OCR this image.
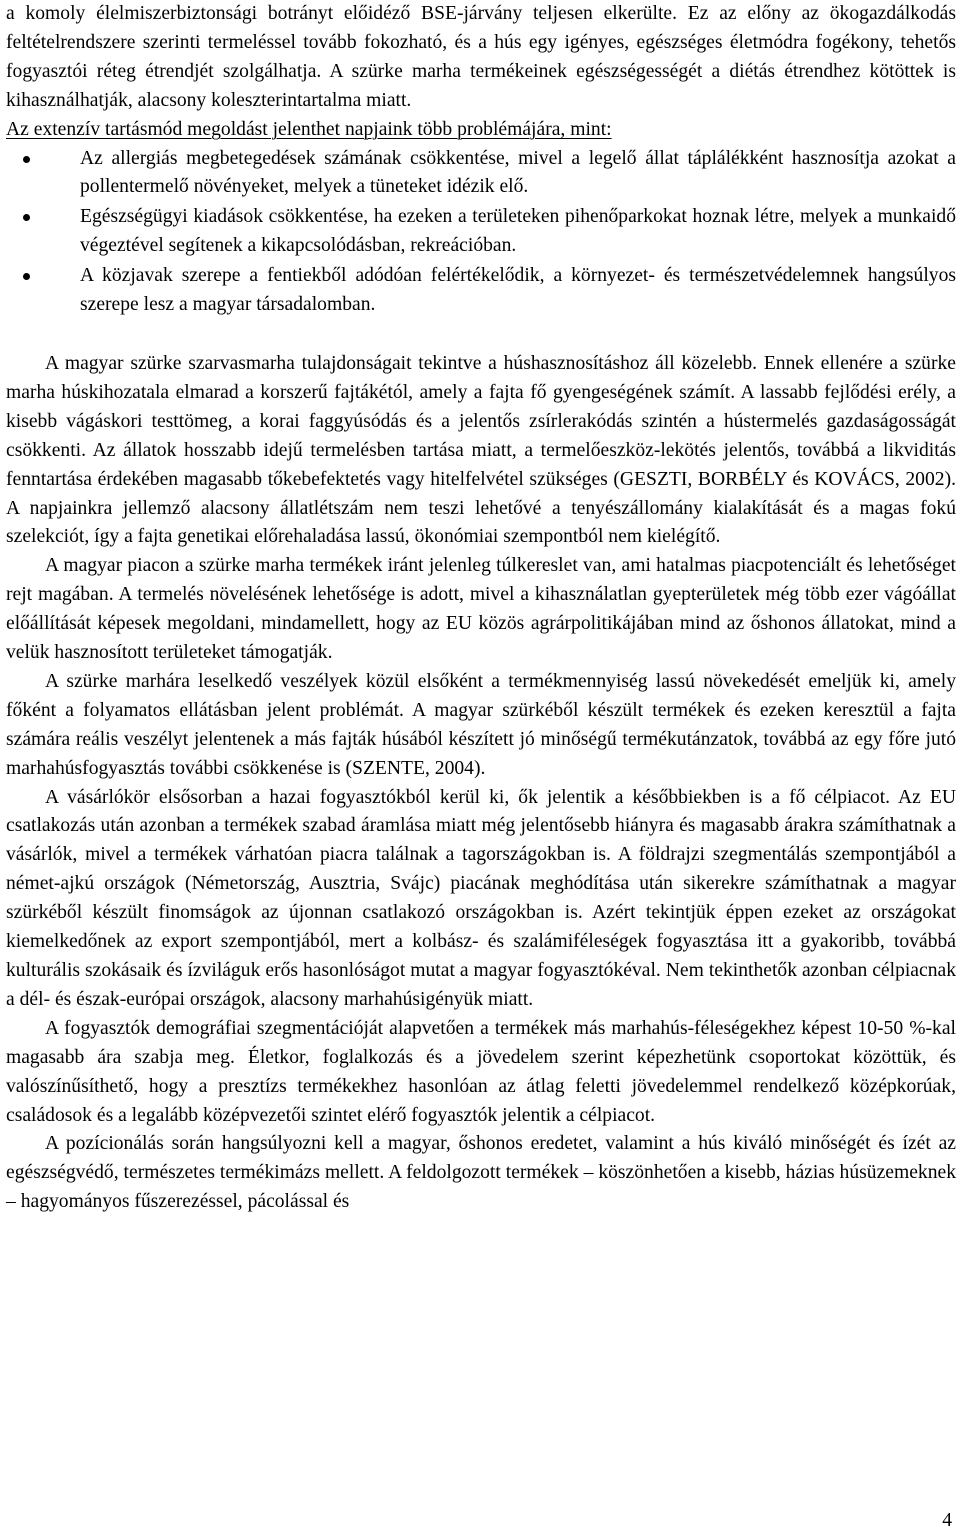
a komoly élelmiszerbiztonsági botrányt előidéző BSE-járvány teljesen elkerülte. Ez az előny az ökogazdálkodás feltételrendszere szerinti termeléssel tovább fokozható, és a hús egy igényes, egészséges életmódra fogékony, tehetős fogyasztói réteg étrendjét szolgálhatja. A szürke marha termékeinek egészségességét a diétás étrendhez kötöttek is kihasználhatják, alacsony koleszterintartalma miatt.

Az extenzív tartásmód megoldást jelenthet napjaink több problémájára, mint:

Az allergiás megbetegedések számának csökkentése, mivel a legelő állat táplálékként hasznosítja azokat a pollentermelő növényeket, melyek a tüneteket idézik elő.
Egészségügyi kiadások csökkentése, ha ezeken a területeken pihenőparkokat hoznak létre, melyek a munkaidő végeztével segítenek a kikapcsolódásban, rekreációban.
A közjavak szerepe a fentiekből adódóan felértékelődik, a környezet- és természetvédelemnek hangsúlyos szerepe lesz a magyar társadalomban.

A magyar szürke szarvasmarha tulajdonságait tekintve a húshasznosításhoz áll közelebb. Ennek ellenére a szürke marha húskihozatala elmarad a korszerű fajtákétól, amely a fajta fő gyengeségének számít. A lassabb fejlődési erély, a kisebb vágáskori testtömeg, a korai faggyúsódás és a jelentős zsírlerakódás szintén a hústermelés gazdaságosságát csökkenti. Az állatok hosszabb idejű termelésben tartása miatt, a termelőeszköz-lekötés jelentős, továbbá a likviditás fenntartása érdekében magasabb tőkebefektetés vagy hitelfelvétel szükséges (GESZTI, BORBÉLY és KOVÁCS, 2002). A napjainkra jellemző alacsony állatlétszám nem teszi lehetővé a tenyészállomány kialakítását és a magas fokú szelekciót, így a fajta genetikai előrehaladása lassú, ökonómiai szempontból nem kielégítő.

A magyar piacon a szürke marha termékek iránt jelenleg túlkereslet van, ami hatalmas piacpotenciált és lehetőséget rejt magában. A termelés növelésének lehetősége is adott, mivel a kihasználatlan gyepterületek még több ezer vágóállat előállítását képesek megoldani, mindamellett, hogy az EU közös agrárpolitikájában mind az őshonos állatokat, mind a velük hasznosított területeket támogatják.

A szürke marhára leselkedő veszélyek közül elsőként a termékmennyiség lassú növekedését emeljük ki, amely főként a folyamatos ellátásban jelent problémát. A magyar szürkéből készült termékek és ezeken keresztül a fajta számára reális veszélyt jelentenek a más fajták húsából készített jó minőségű termékutánzatok, továbbá az egy főre jutó marhahúsfogyasztás további csökkenése is (SZENTE, 2004).

A vásárlókör elsősorban a hazai fogyasztókból kerül ki, ők jelentik a későbbiekben is a fő célpiacot. Az EU csatlakozás után azonban a termékek szabad áramlása miatt még jelentősebb hiányra és magasabb árakra számíthatnak a vásárlók, mivel a termékek várhatóan piacra találnak a tagországokban is. A földrajzi szegmentálás szempontjából a német-ajkú országok (Németország, Ausztria, Svájc) piacának meghódítása után sikerekre számíthatnak a magyar szürkéből készült finomságok az újonnan csatlakozó országokban is. Azért tekintjük éppen ezeket az országokat kiemelkedőnek az export szempontjából, mert a kolbász- és szalámiféleségek fogyasztása itt a gyakoribb, továbbá kulturális szokásaik és ízviláguk erős hasonlóságot mutat a magyar fogyasztókéval. Nem tekinthetők azonban célpiacnak a dél- és észak-európai országok, alacsony marhahúsigényük miatt.

A fogyasztók demográfiai szegmentációját alapvetően a termékek más marhahús-féleségekhez képest 10-50 %-kal magasabb ára szabja meg. Életkor, foglalkozás és a jövedelem szerint képezhetünk csoportokat közöttük, és valószínűsíthető, hogy a presztízs termékekhez hasonlóan az átlag feletti jövedelemmel rendelkező középkorúak, családosok és a legalább középvezetői szintet elérő fogyasztók jelentik a célpiacot.

A pozícionálás során hangsúlyozni kell a magyar, őshonos eredetet, valamint a hús kiváló minőségét és ízét az egészségvédő, természetes termékimázs mellett. A feldolgozott termékek – köszönhetően a kisebb, házias húsüzemeknek – hagyományos fűszerezéssel, pácolással és

4
